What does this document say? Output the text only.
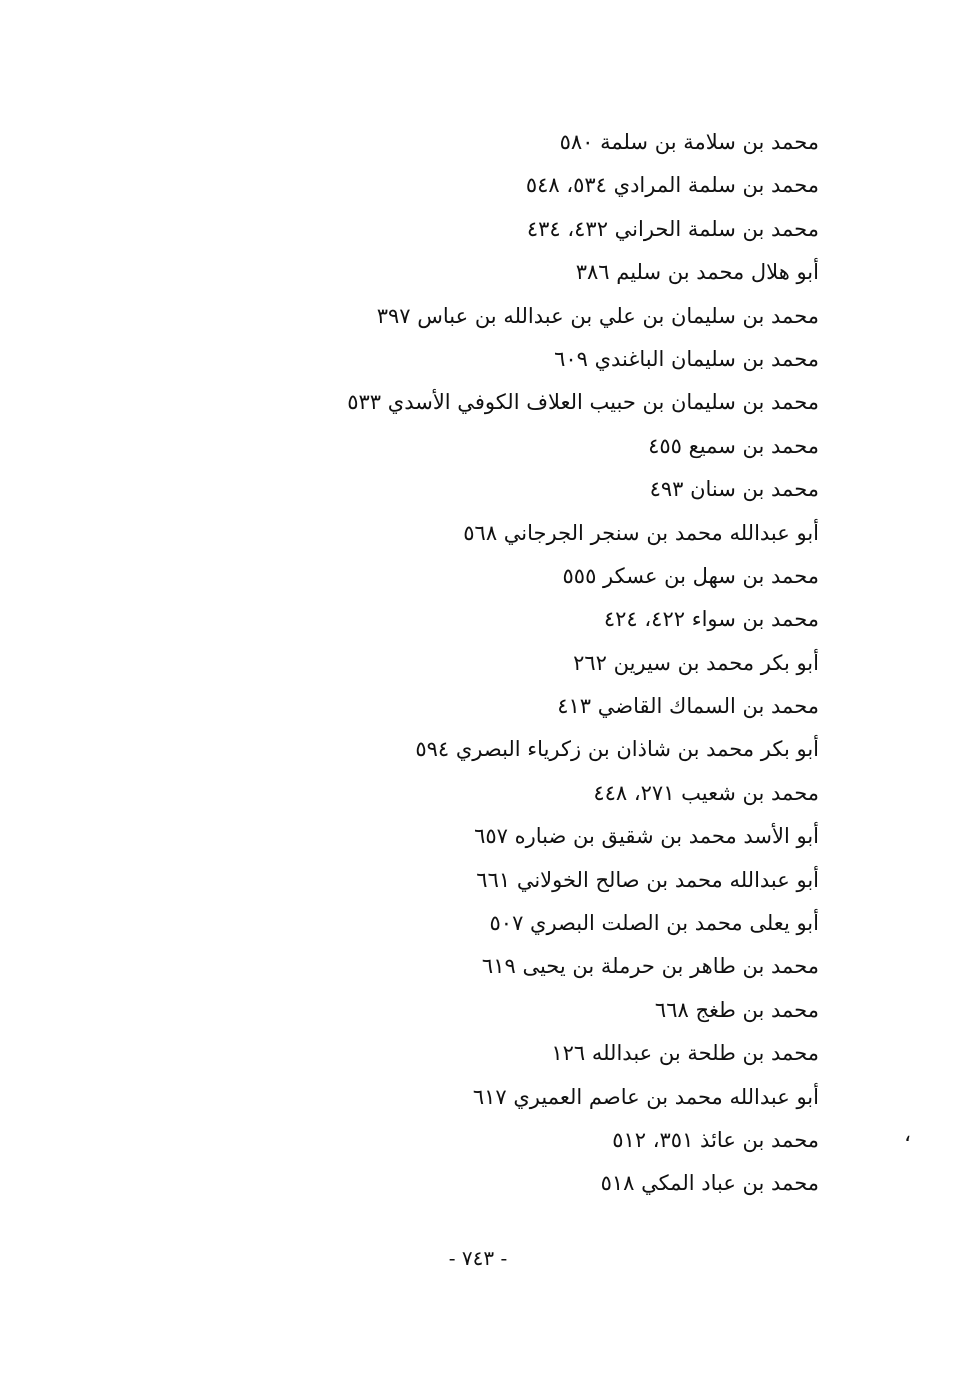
محمد بن سلامة بن سلمة ٥٨٠
محمد بن سلمة المرادي ٥٣٤، ٥٤٨
محمد بن سلمة الحراني ٤٣٢، ٤٣٤
أبو هلال محمد بن سليم ٣٨٦
محمد بن سليمان بن علي بن عبدالله بن عباس ٣٩٧
محمد بن سليمان الباغندي ٦٠٩
محمد بن سليمان بن حبيب العلاف الكوفي الأسدي ٥٣٣
محمد بن سميع ٤٥٥
محمد بن سنان ٤٩٣
أبو عبدالله محمد بن سنجر الجرجاني ٥٦٨
محمد بن سهل بن عسكر ٥٥٥
محمد بن سواء ٤٢٢، ٤٢٤
أبو بكر محمد بن سيرين ٢٦٢
محمد بن السماك القاضي ٤١٣
أبو بكر محمد بن شاذان بن زكرياء البصري ٥٩٤
محمد بن شعيب ٢٧١، ٤٤٨
أبو الأسد محمد بن شقيق بن ضباره ٦٥٧
أبو عبدالله محمد بن صالح الخولاني ٦٦١
أبو يعلى محمد بن الصلت البصري ٥٠٧
محمد بن طاهر بن حرملة بن يحيى ٦١٩
محمد بن طغج ٦٦٨
محمد بن طلحة بن عبدالله ١٢٦
أبو عبدالله محمد بن عاصم العميري ٦١٧
محمد بن عائذ ٣٥١، ٥١٢
محمد بن عباد المكي ٥١٨
،
- ٧٤٣ -
